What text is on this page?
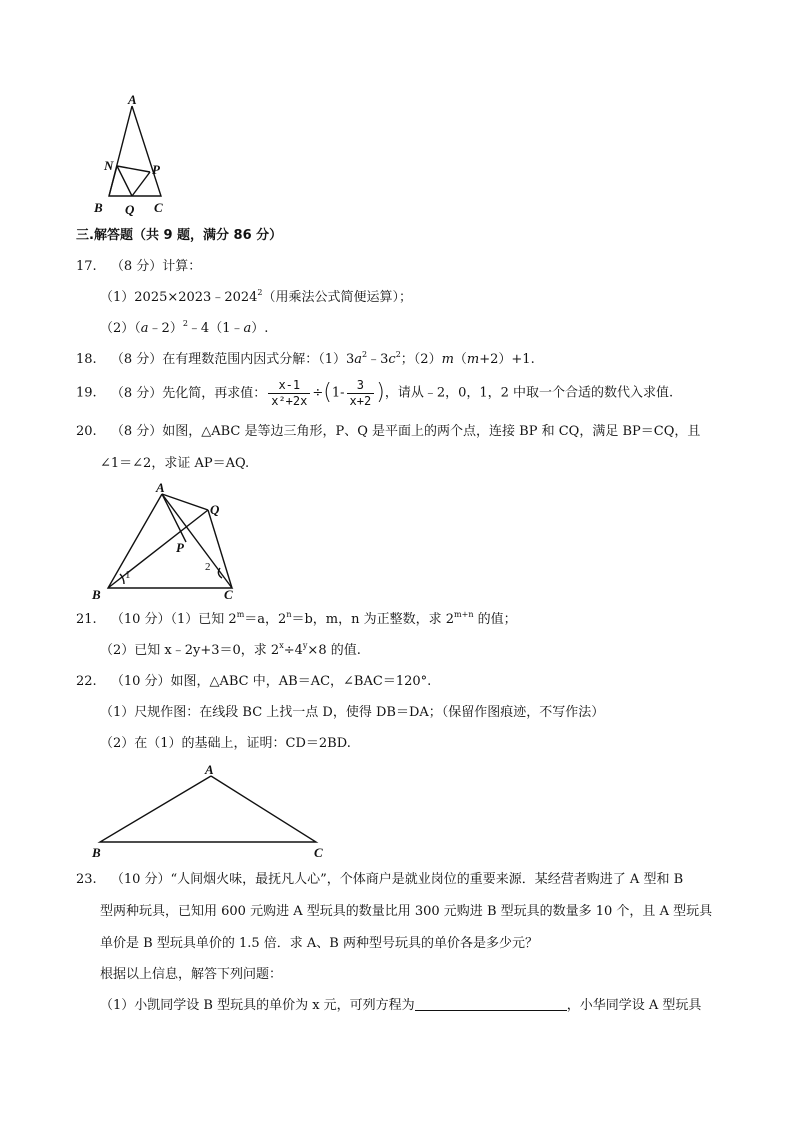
A
N	P
B Q C
三.解答题（共 9 题，满分 86 分）
17. （8 分）计算：
$(1)2025\times 2023﹣2024^2$（用乘法公式简便运算）；
（2）（a﹣2）$^2$﹣4（1﹣a）.
18. （8 分）在有理数范围内因式分解：$(1)3a^2﹣3c^2$；（2）m（m+2）+1.
19. （8 分）先化简，再求值： $\frac{x-1}{\text{x²+2x}} \div(1- \frac{3}{x+2}$ )，请从﹣2，0，1，2 中取一个合适的数代入求值.
20. （8 分）如图，△ABC 是等边三角形，P、Q 是平面上的两个点，连接 BP 和 CQ，满足 BP＝CQ，且
∠1＝∠2，求证 AP＝AQ.
A
Q
P
B	C
1
2
21. （10 分）（1）已知 $2^m=a$，$2^n=b$，m，n 为正整数，求 $2^{m+n}$ 的值；
（2）已知 x﹣2y+3＝0，求 $2^x\div 4^y\times 8$ 的值.
22. （10 分）如图，△ABC 中，AB＝AC，∠BAC＝120°.
（1）尺规作图：在线段 BC 上找一点 D，使得 DB＝DA；（保留作图痕迹，不写作法）
（2）在（1）的基础上，证明：CD＝2BD.
A
B	C
23. （10 分）“人间烟火味，最抚凡人心”，个体商户是就业岗位的重要来源．某经营者购进了 A 型和 B
型两种玩具，已知用 600 元购进 A 型玩具的数量比用 300 元购进 B 型玩具的数量多 10 个，且 A 型玩具
单价是 B 型玩具单价的 1.5 倍．求 A、B 两种型号玩具的单价各是多少元？
根据以上信息，解答下列问题：
（1）小凯同学设 B 型玩具的单价为 x 元，可列方程为	，小华同学设 A 型玩具
